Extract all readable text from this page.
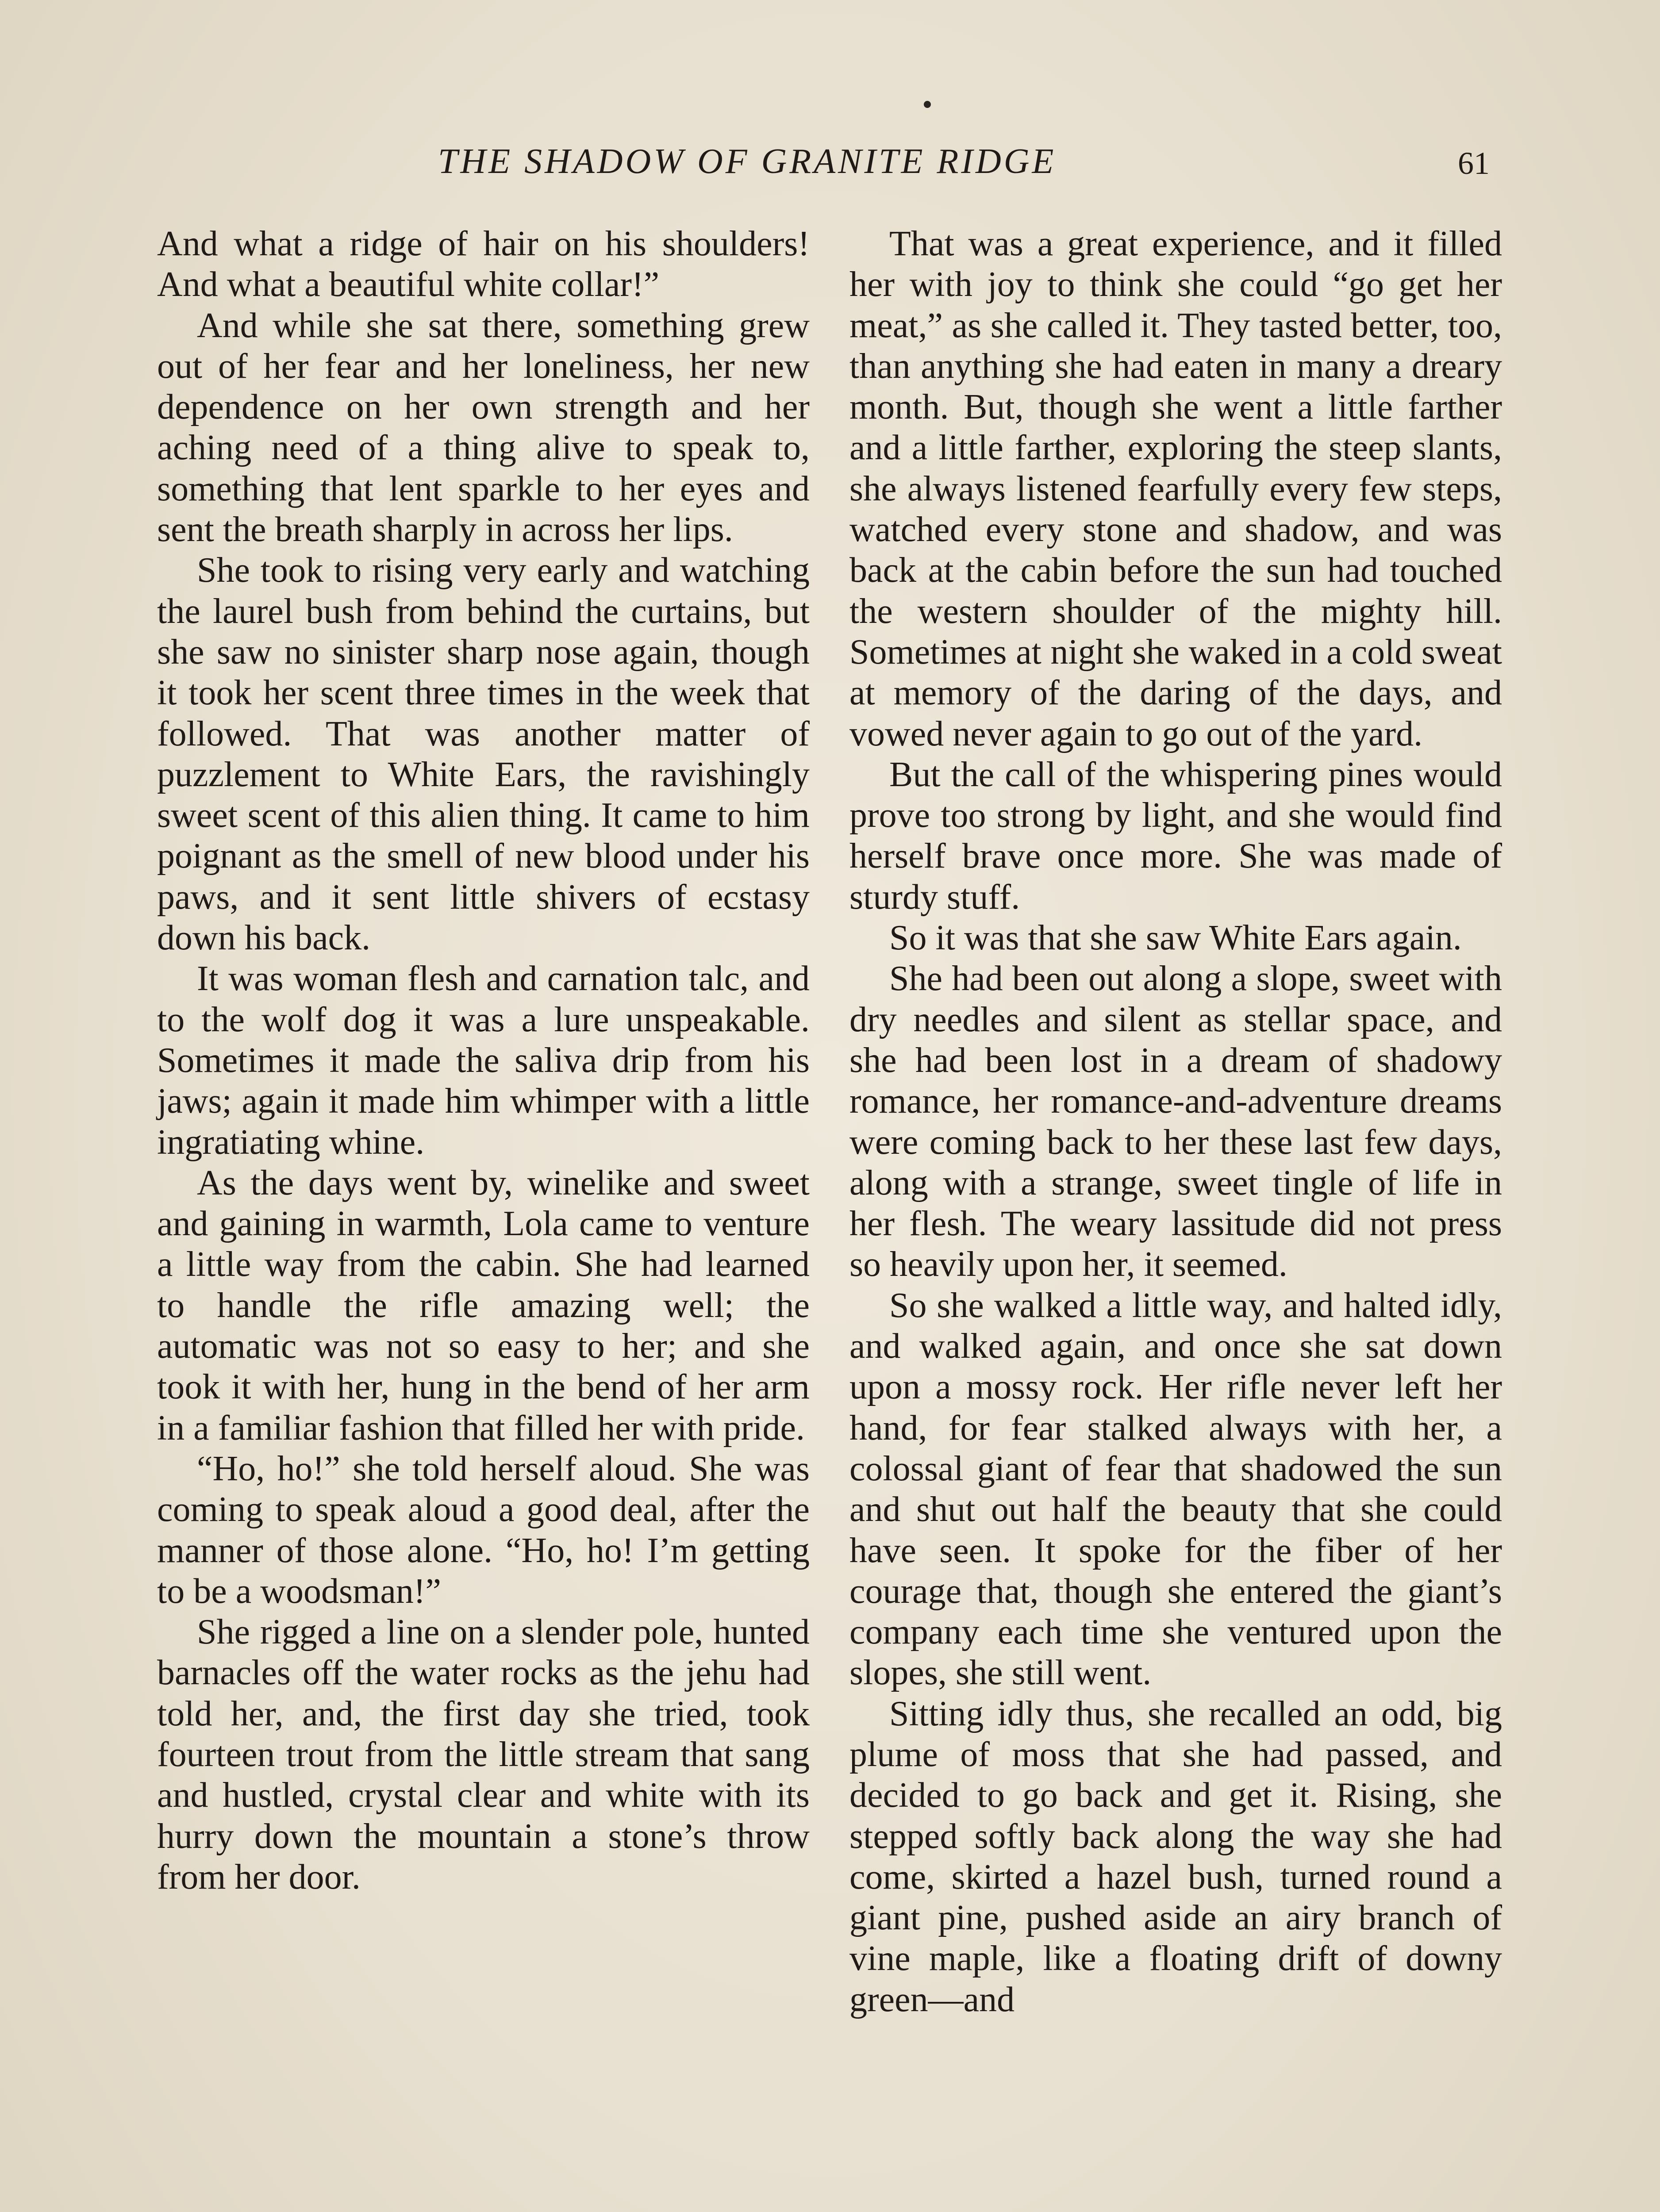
THE SHADOW OF GRANITE RIDGE	61

And what a ridge of hair on his shoulders! And what a beautiful white collar!”

And while she sat there, something grew out of her fear and her loneliness, her new dependence on her own strength and her aching need of a thing alive to speak to, something that lent sparkle to her eyes and sent the breath sharply in across her lips.

She took to rising very early and watching the laurel bush from behind the curtains, but she saw no sinister sharp nose again, though it took her scent three times in the week that followed. That was another matter of puzzlement to White Ears, the ravishingly sweet scent of this alien thing. It came to him poignant as the smell of new blood under his paws, and it sent little shivers of ecstasy down his back.

It was woman flesh and carnation talc, and to the wolf dog it was a lure unspeakable. Sometimes it made the saliva drip from his jaws; again it made him whimper with a little ingratiating whine.

As the days went by, winelike and sweet and gaining in warmth, Lola came to venture a little way from the cabin. She had learned to handle the rifle amazing well; the automatic was not so easy to her; and she took it with her, hung in the bend of her arm in a familiar fashion that filled her with pride.

“Ho, ho!” she told herself aloud. She was coming to speak aloud a good deal, after the manner of those alone. “Ho, ho! I’m getting to be a woodsman!”

She rigged a line on a slender pole, hunted barnacles off the water rocks as the jehu had told her, and, the first day she tried, took fourteen trout from the little stream that sang and hustled, crystal clear and white with its hurry down the mountain a stone’s throw from her door.

That was a great experience, and it filled her with joy to think she could “go get her meat,” as she called it. They tasted better, too, than anything she had eaten in many a dreary month. But, though she went a little farther and a little farther, exploring the steep slants, she always listened fearfully every few steps, watched every stone and shadow, and was back at the cabin before the sun had touched the western shoulder of the mighty hill. Sometimes at night she waked in a cold sweat at memory of the daring of the days, and vowed never again to go out of the yard.

But the call of the whispering pines would prove too strong by light, and she would find herself brave once more. She was made of sturdy stuff.

So it was that she saw White Ears again.

She had been out along a slope, sweet with dry needles and silent as stellar space, and she had been lost in a dream of shadowy romance, her romance-and-adventure dreams were coming back to her these last few days, along with a strange, sweet tingle of life in her flesh. The weary lassitude did not press so heavily upon her, it seemed.

So she walked a little way, and halted idly, and walked again, and once she sat down upon a mossy rock. Her rifle never left her hand, for fear stalked always with her, a colossal giant of fear that shadowed the sun and shut out half the beauty that she could have seen. It spoke for the fiber of her courage that, though she entered the giant’s company each time she ventured upon the slopes, she still went.

Sitting idly thus, she recalled an odd, big plume of moss that she had passed, and decided to go back and get it. Rising, she stepped softly back along the way she had come, skirted a hazel bush, turned round a giant pine, pushed aside an airy branch of vine maple, like a floating drift of downy green—and
